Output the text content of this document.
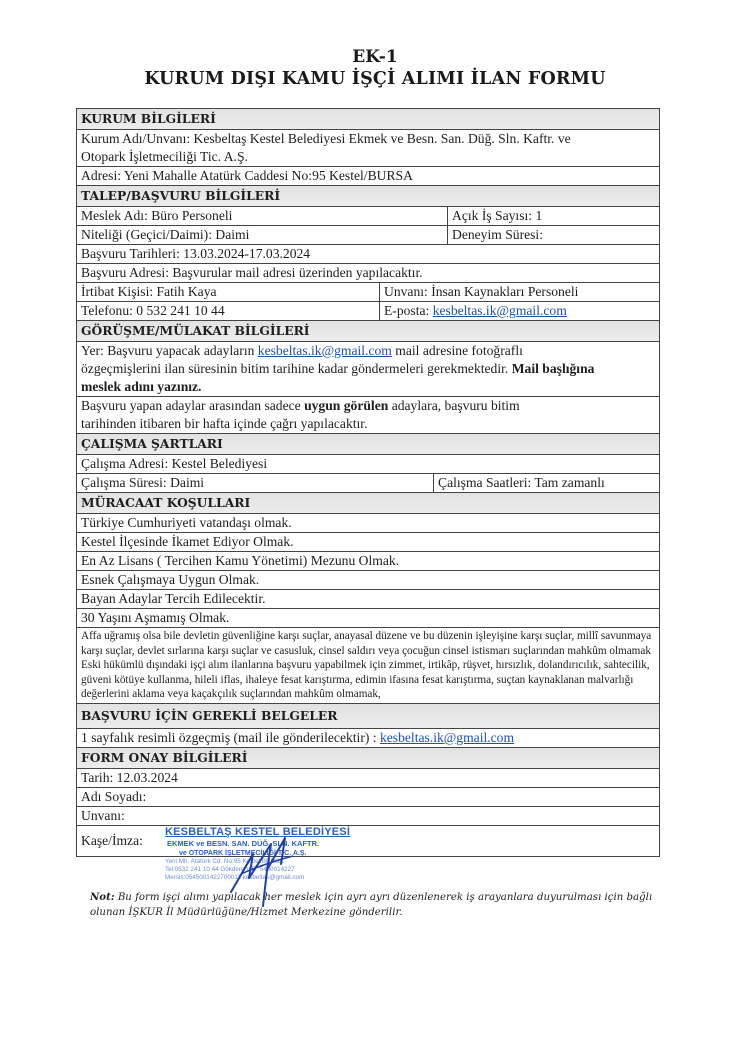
EK-1
KURUM DIŞI KAMU İŞÇİ ALIMI İLAN FORMU
KURUM BİLGİLERİ
Kurum Adı/Unvanı: Kesbeltaş Kestel Belediyesi Ekmek ve Besn. San. Düğ. Sln. Kaftr. ve
Otopark İşletmeciliği Tic. A.Ş.
Adresi: Yeni Mahalle Atatürk Caddesi No:95 Kestel/BURSA
TALEP/BAŞVURU BİLGİLERİ
Meslek Adı: Büro Personeli	Açık İş Sayısı: 1
Niteliği (Geçici/Daimi): Daimi	Deneyim Süresi:
Başvuru Tarihleri: 13.03.2024-17.03.2024
Başvuru Adresi: Başvurular mail adresi üzerinden yapılacaktır.
İrtibat Kişisi: Fatih Kaya	Unvanı: İnsan Kaynakları Personeli
Telefonu: 0 532 241 10 44	E-posta: kesbeltas.ik@gmail.com
GÖRÜŞME/MÜLAKAT BİLGİLERİ
Yer: Başvuru yapacak adayların kesbeltas.ik@gmail.com mail adresine fotoğraflı özgeçmişlerini ilan süresinin bitim tarihine kadar göndermeleri gerekmektedir. Mail başlığına meslek adını yazınız.
Başvuru yapan adaylar arasından sadece uygun görülen adaylara, başvuru bitim tarihinden itibaren bir hafta içinde çağrı yapılacaktır.
ÇALIŞMA ŞARTLARI
Çalışma Adresi: Kestel Belediyesi
Çalışma Süresi: Daimi	Çalışma Saatleri: Tam zamanlı
MÜRACAAT KOŞULLARI
Türkiye Cumhuriyeti vatandaşı olmak.
Kestel İlçesinde İkamet Ediyor Olmak.
En Az Lisans ( Tercihen Kamu Yönetimi) Mezunu Olmak.
Esnek Çalışmaya Uygun Olmak.
Bayan Adaylar Tercih Edilecektir.
30 Yaşını Aşmamış Olmak.
Affa uğramış olsa bile devletin güvenliğine karşı suçlar, anayasal düzene ve bu düzenin işleyişine karşı suçlar, millî savunmaya karşı suçlar, devlet sırlarına karşı suçlar ve casusluk, cinsel saldırı veya çocuğun cinsel istismarı suçlarından mahkûm olmamak
Eski hükümlü dışındaki işçi alım ilanlarına başvuru yapabilmek için zimmet, irtikâp, rüşvet, hırsızlık, dolandırıcılık, sahtecilik, güveni kötüye kullanma, hileli iflas, ihaleye fesat karıştırma, edimin ifasına fesat karıştırma, suçtan kaynaklanan malvarlığı değerlerini aklama veya kaçakçılık suçlarından mahkûm olmamak,
BAŞVURU İÇİN GEREKLİ BELGELER
1 sayfalık resimli özgeçmiş (mail ile gönderilecektir) : kesbeltas.ik@gmail.com
FORM ONAY BİLGİLERİ
Tarih: 12.03.2024
Adı Soyadı:
Unvanı:
Kaşe/İmza:
KESBELTAŞ KESTEL BELEDİYESİ
EKMEK ve BESN. SAN. DÜĞ. SLN. KAFTR.
ve OTOPARK İŞLETMECİLİĞİ TİC. A.Ş.
Yeni Mh. Atatürk Cd. No:95 Kestel/BURSA
Tel:0532 241 10 44 Gökdere V.D. 5450014227
Mersis:0545001422700011 kesbeltas@gmail.com
Not: Bu form işçi alımı yapılacak her meslek için ayrı ayrı düzenlenerek iş arayanlara duyurulması için bağlı olunan İŞKUR İl Müdürlüğüne/Hizmet Merkezine gönderilir.
